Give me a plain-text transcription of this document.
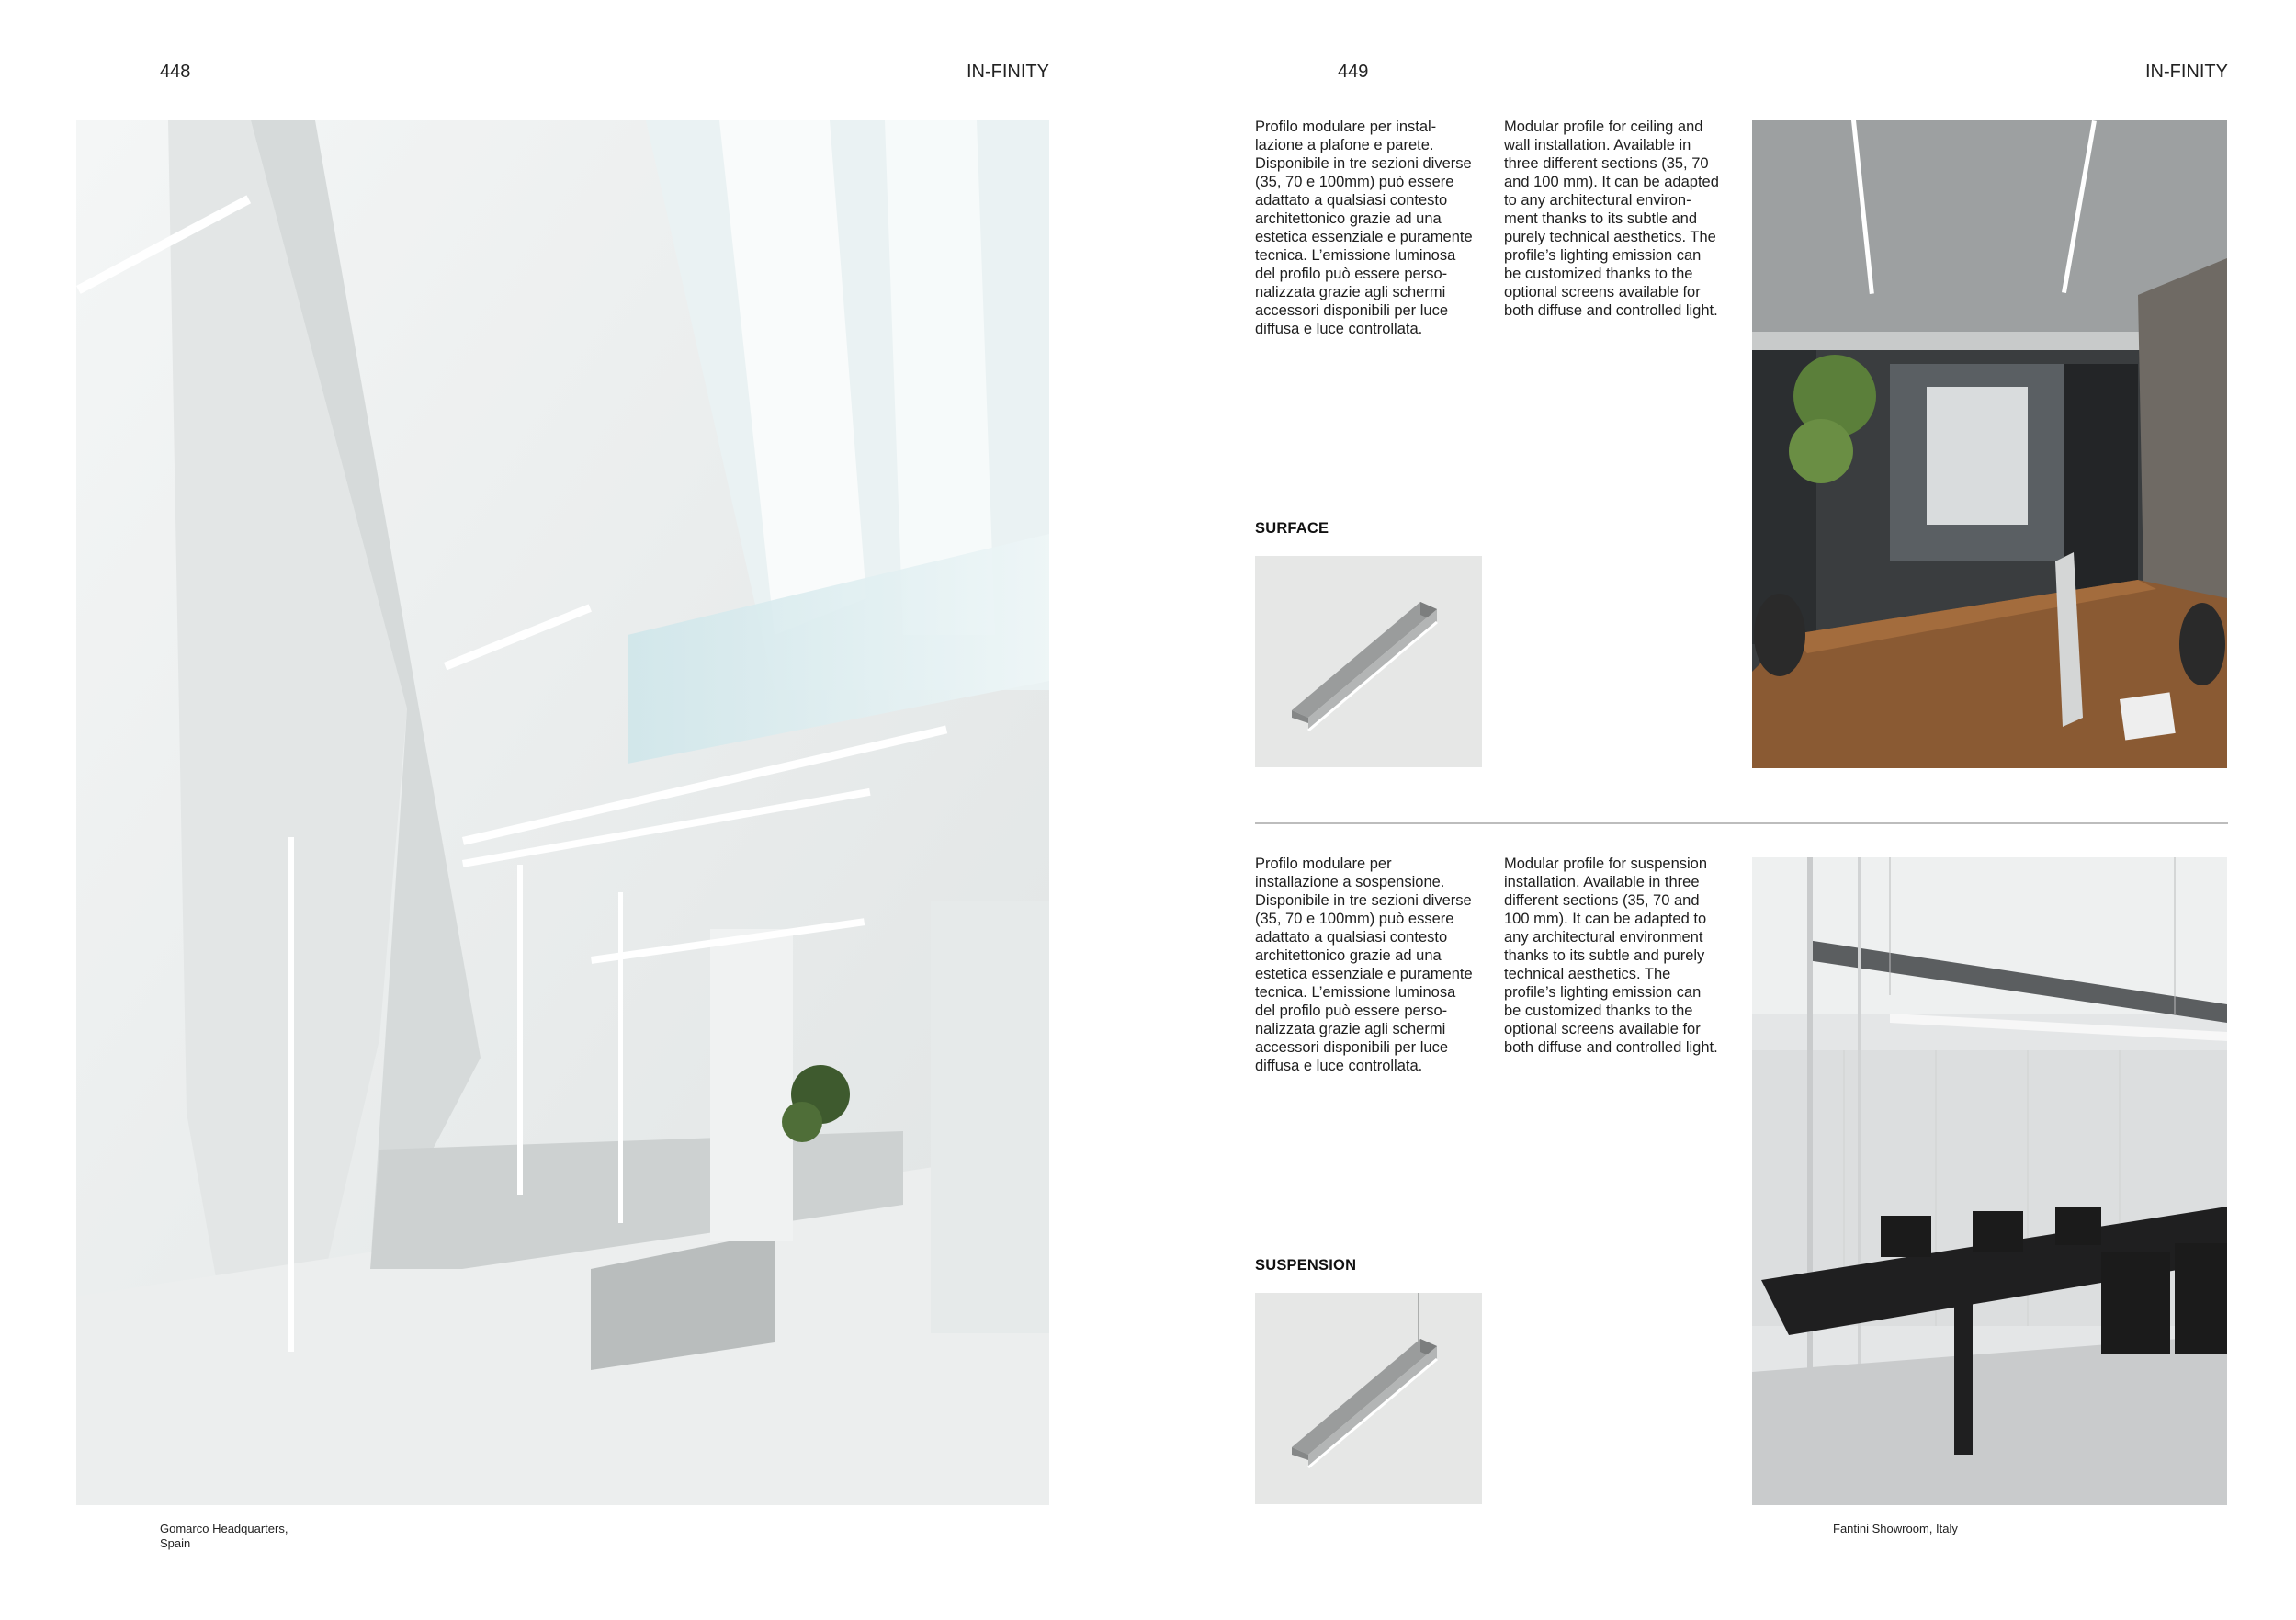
448	IN-FINITY
Gomarco Headquarters,
Spain
449	IN-FINITY
Profilo modulare per instal-
lazione a plafone e parete.
Disponibile in tre sezioni diverse
(35, 70 e 100mm) può essere
adattato a qualsiasi contesto
architettonico grazie ad una
estetica essenziale e puramente
tecnica. L’emissione luminosa
del profilo può essere perso-
nalizzata grazie agli schermi
accessori disponibili per luce
diffusa e luce controllata.
Modular profile for ceiling and
wall installation. Available in
three different sections (35, 70
and 100 mm). It can be adapted
to any architectural environ-
ment thanks to its subtle and
purely technical aesthetics. The
profile’s lighting emission can
be customized thanks to the
optional screens available for
both diffuse and controlled light.
SURFACE
Profilo modulare per
installazione a sospensione.
Disponibile in tre sezioni diverse
(35, 70 e 100mm) può essere
adattato a qualsiasi contesto
architettonico grazie ad una
estetica essenziale e puramente
tecnica. L’emissione luminosa
del profilo può essere perso-
nalizzata grazie agli schermi
accessori disponibili per luce
diffusa e luce controllata.
Modular profile for suspension
installation. Available in three
different sections (35, 70 and
100 mm). It can be adapted to
any architectural environment
thanks to its subtle and purely
technical aesthetics. The
profile’s lighting emission can
be customized thanks to the
optional screens available for
both diffuse and controlled light.
SUSPENSION
Fantini Showroom, Italy
